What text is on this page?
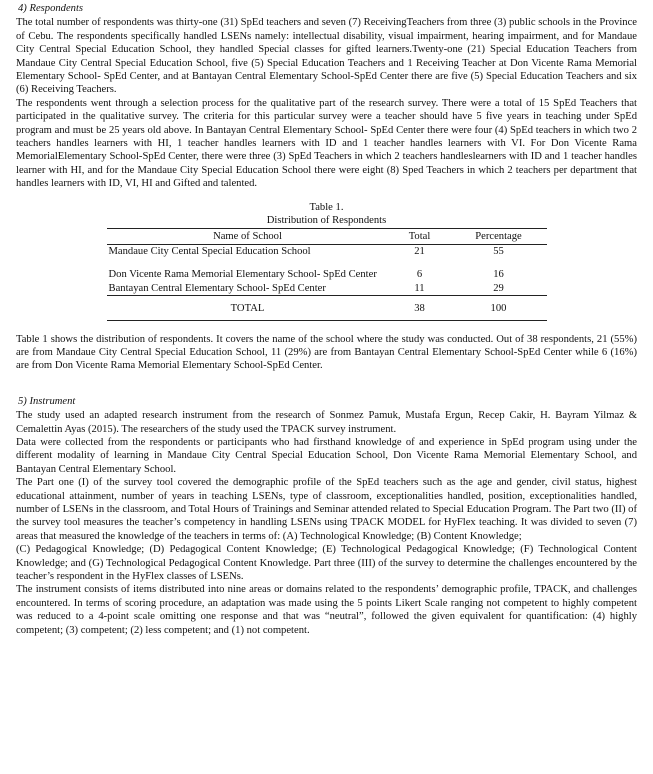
4) Respondents

The total number of respondents was thirty-one (31) SpEd teachers and seven (7) ReceivingTeachers from three (3) public schools in the Province of Cebu. The respondents specifically handled LSENs namely: intellectual disability, visual impairment, hearing impairment, and for Mandaue City Central Special Education School, they handled Special classes for gifted learners.Twenty-one (21) Special Education Teachers from Mandaue City Central Special Education School, five (5) Special Education Teachers and 1 Receiving Teacher at Don Vicente Rama Memorial Elementary School- SpEd Center, and at Bantayan Central Elementary School-SpEd Center there are five (5) Special Education Teachers and six (6) Receiving Teachers.

The respondents went through a selection process for the qualitative part of the research survey. There were a total of 15 SpEd Teachers that participated in the qualitative survey. The criteria for this particular survey were a teacher should have 5 five years in teaching under SpEd program and must be 25 years old above. In Bantayan Central Elementary School- SpEd Center there were four (4) SpEd teachers in which two 2 teachers handles learners with HI, 1 teacher handles learners with ID and 1 teacher handles learners with VI. For Don Vicente Rama MemorialElementary School-SpEd Center, there were three (3) SpEd Teachers in which 2 teachers handleslearners with ID and 1 teacher handles learner with HI, and for the Mandaue City Special Education School there were eight (8) Sped Teachers in which 2 teachers per department that handles learners with ID, VI, HI and Gifted and talented.

Table 1.
Distribution of Respondents
Name of School	Total	Percentage
Mandaue City Cental Special Education School	21	55

Don Vicente Rama Memorial Elementary School- SpEd Center	6	16
Bantayan Central Elementary School- SpEd Center	11	29
TOTAL	38	100

Table 1 shows the distribution of respondents. It covers the name of the school where the study was conducted. Out of 38 respondents, 21 (55%) are from Mandaue City Central Special Education School, 11 (29%) are from Bantayan Central Elementary School-SpEd Center while 6 (16%) are from Don Vicente Rama Memorial Elementary School-SpEd Center.

5) Instrument

The study used an adapted research instrument from the research of Sonmez Pamuk, Mustafa Ergun, Recep Cakir, H. Bayram Yilmaz & Cemalettin Ayas (2015). The researchers of the study used the TPACK survey instrument.

Data were collected from the respondents or participants who had firsthand knowledge of and experience in SpEd program using under the different modality of learning in Mandaue City Central Special Education School, Don Vicente Rama Memorial Elementary School, and Bantayan Central Elementary School.

The Part one (I) of the survey tool covered the demographic profile of the SpEd teachers such as the age and gender, civil status, highest educational attainment, number of years in teaching LSENs, type of classroom, exceptionalities handled, position, exceptionalities handled, number of LSENs in the classroom, and Total Hours of Trainings and Seminar attended related to Special Education Program. The Part two (II) of the survey tool measures the teacher’s competency in handling LSENs using TPACK MODEL for HyFlex teaching. It was divided to seven (7) areas that measured the knowledge of the teachers in terms of: (A) Technological Knowledge; (B) Content Knowledge;

(C) Pedagogical Knowledge; (D) Pedagogical Content Knowledge; (E) Technological Pedagogical Knowledge; (F) Technological Content Knowledge; and (G) Technological Pedagogical Content Knowledge. Part three (III) of the survey to determine the challenges encountered by the teacher’s respondent in the HyFlex classes of LSENs.

The instrument consists of items distributed into nine areas or domains related to the respondents’ demographic profile, TPACK, and challenges encountered. In terms of scoring procedure, an adaptation was made using the 5 points Likert Scale ranging not competent to highly competent was reduced to a 4-point scale omitting one response and that was “neutral”, followed the given equivalent for quantification: (4) highly competent; (3) competent; (2) less competent; and (1) not competent.
